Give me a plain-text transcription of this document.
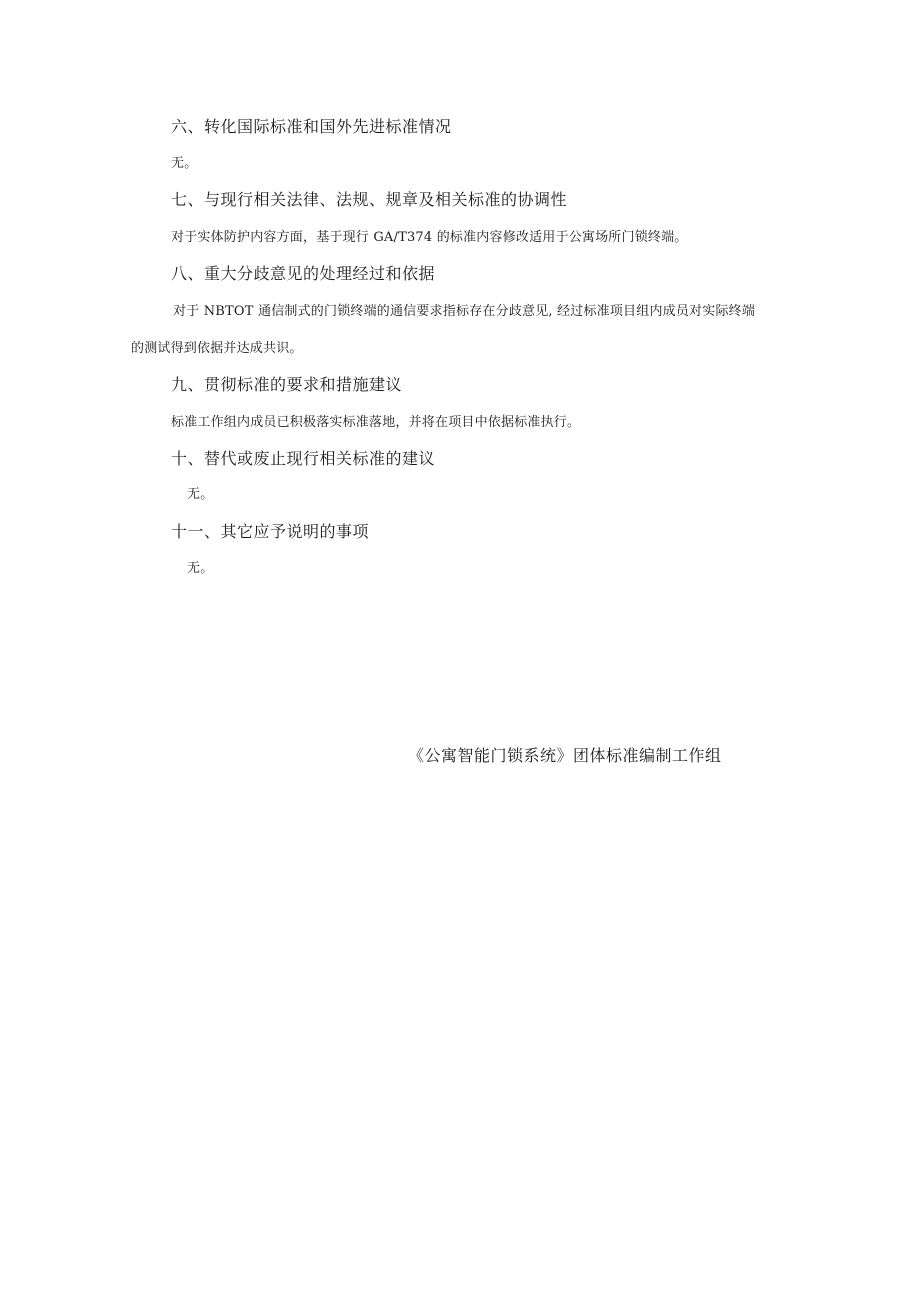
六、转化国际标准和国外先进标准情况
无。
七、与现行相关法律、法规、规章及相关标准的协调性
对于实体防护内容方面，基于现行 GA/T374 的标准内容修改适用于公寓场所门锁终端。
八、重大分歧意见的处理经过和依据
对于 NBTOT 通信制式的门锁终端的通信要求指标存在分歧意见, 经过标准项目组内成员对实际终端
的测试得到依据并达成共识。
九、贯彻标准的要求和措施建议
标准工作组内成员已积极落实标准落地，并将在项目中依据标准执行。
十、替代或废止现行相关标准的建议
无。
十一、其它应予说明的事项
无。
《公寓智能门锁系统》团体标准编制工作组
